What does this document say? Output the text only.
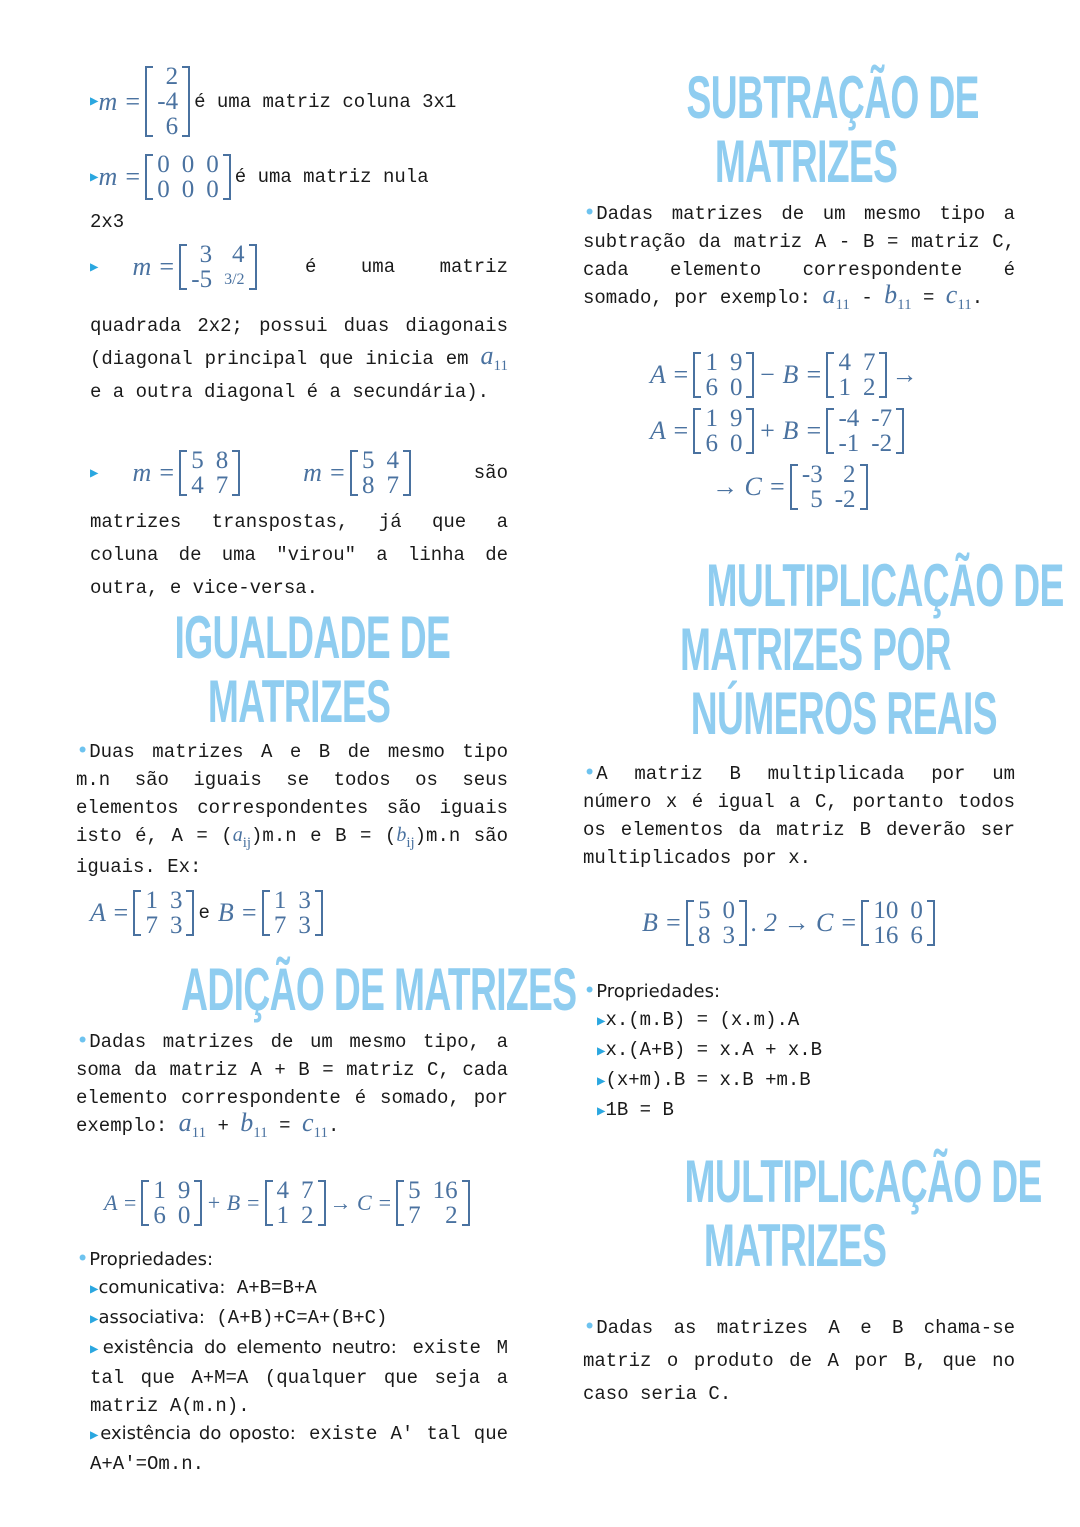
▶ m =
2
-4
6
é uma matriz coluna 3x1
▶ m = 0
0
0
0
0
0 é uma matriz nula
2x3
▶ m = 3
-5
4
3/2
é uma matriz
quadrada 2x2; possui duas diagonais (diagonal principal que inicia em $a_{11}$ e a outra diagonal é a secundária).
▶ m = 5
4
8
7	m = 5
8
4
7	são
matrizes transpostas, já que a coluna de uma "virou" a linha de outra, e vice-versa.
IGUALDADE DE
MATRIZES
•Duas matrizes A e B de mesmo tipo m.n são iguais se todos os seus elementos correspondentes são iguais isto é, $A = (a_{ij})m.n$ e $B = (b_{ij})m.n$ são iguais. Ex:
A = 1
7
3
3 e B = 1
7
3
3
ADIÇÃO DE MATRIZES
•Dadas matrizes de um mesmo tipo, a soma da matriz A + B = matriz C, cada elemento correspondente é somado, por exemplo: $a_{11} + b_{11} = c_{11}$.
A = 1
6
9
0 + B = 4
1
7
2 → C = 5
7
16
2
•Propriedades:
▶comunicativa: A+B=B+A
▶associativa: (A+B)+C=A+(B+C)
▶existência do elemento neutro: existe M tal que A+M=A (qualquer que seja a matriz A(m.n).
▶existência do oposto: existe A' tal que A+A'=Om.n.
SUBTRAÇÃO DE
MATRIZES
•Dadas matrizes de um mesmo tipo a subtração da matriz A - B = matriz C, cada elemento correspondente é somado, por exemplo: $a_{11} - b_{11} = c_{11}$.
A = 1
6
9
0 − B = 4
1
7
2 →
A = 1
6
9
0 + B = -4
-1
-7
-2
→ C = -3
5
2
-2
MULTIPLICAÇÃO DE
MATRIZES POR
NÚMEROS REAIS
•A matriz B multiplicada por um número x é igual a C, portanto todos os elementos da matriz B deverão ser multiplicados por x.
B = 5
8
0
3 . 2 → C = 10
16
0
6
•Propriedades:
▶x.(m.B) = (x.m).A
▶x.(A+B) = x.A + x.B
▶(x+m).B = x.B +m.B
▶1B = B
MULTIPLICAÇÃO DE
MATRIZES
•Dadas as matrizes A e B chama-se matriz o produto de A por B, que no caso seria C.
